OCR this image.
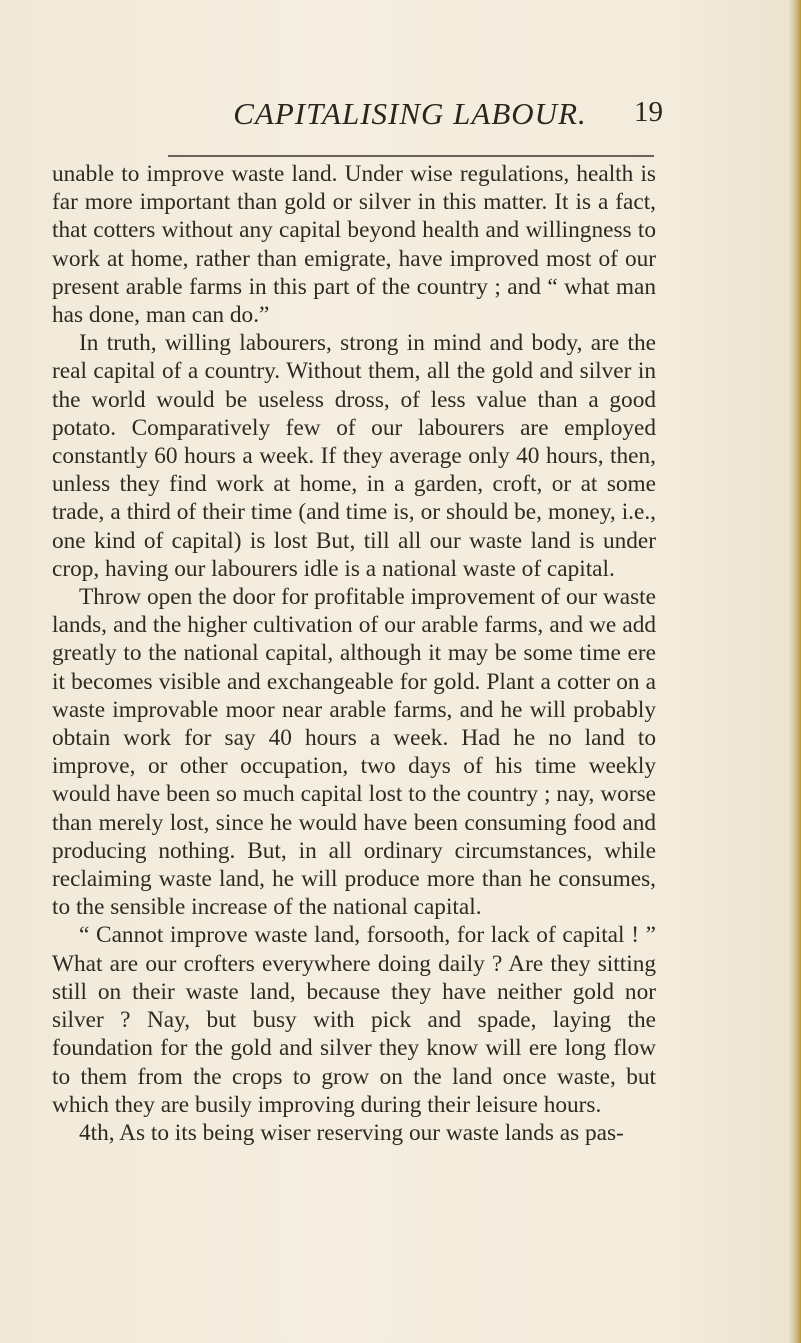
CAPITALISING LABOUR.	19

unable to improve waste land. Under wise regulations, health is far more important than gold or silver in this matter. It is a fact, that cotters without any capital beyond health and willingness to work at home, rather than emigrate, have improved most of our present arable farms in this part of the country ; and “ what man has done, man can do.”

In truth, willing labourers, strong in mind and body, are the real capital of a country. Without them, all the gold and silver in the world would be useless dross, of less value than a good potato. Comparatively few of our labourers are employed constantly 60 hours a week. If they average only 40 hours, then, unless they find work at home, in a garden, croft, or at some trade, a third of their time (and time is, or should be, money, i.e., one kind of capital) is lost But, till all our waste land is under crop, having our labourers idle is a national waste of capital.

Throw open the door for profitable improvement of our waste lands, and the higher cultivation of our arable farms, and we add greatly to the national capital, although it may be some time ere it becomes visible and exchangeable for gold. Plant a cotter on a waste improvable moor near arable farms, and he will probably obtain work for say 40 hours a week. Had he no land to improve, or other occupation, two days of his time weekly would have been so much capital lost to the country ; nay, worse than merely lost, since he would have been consuming food and producing nothing. But, in all ordinary circumstances, while reclaiming waste land, he will produce more than he consumes, to the sensible increase of the national capital.

“ Cannot improve waste land, forsooth, for lack of capital ! ” What are our crofters everywhere doing daily ? Are they sitting still on their waste land, because they have neither gold nor silver ? Nay, but busy with pick and spade, laying the foundation for the gold and silver they know will ere long flow to them from the crops to grow on the land once waste, but which they are busily improving during their leisure hours.

4th, As to its being wiser reserving our waste lands as pas-
